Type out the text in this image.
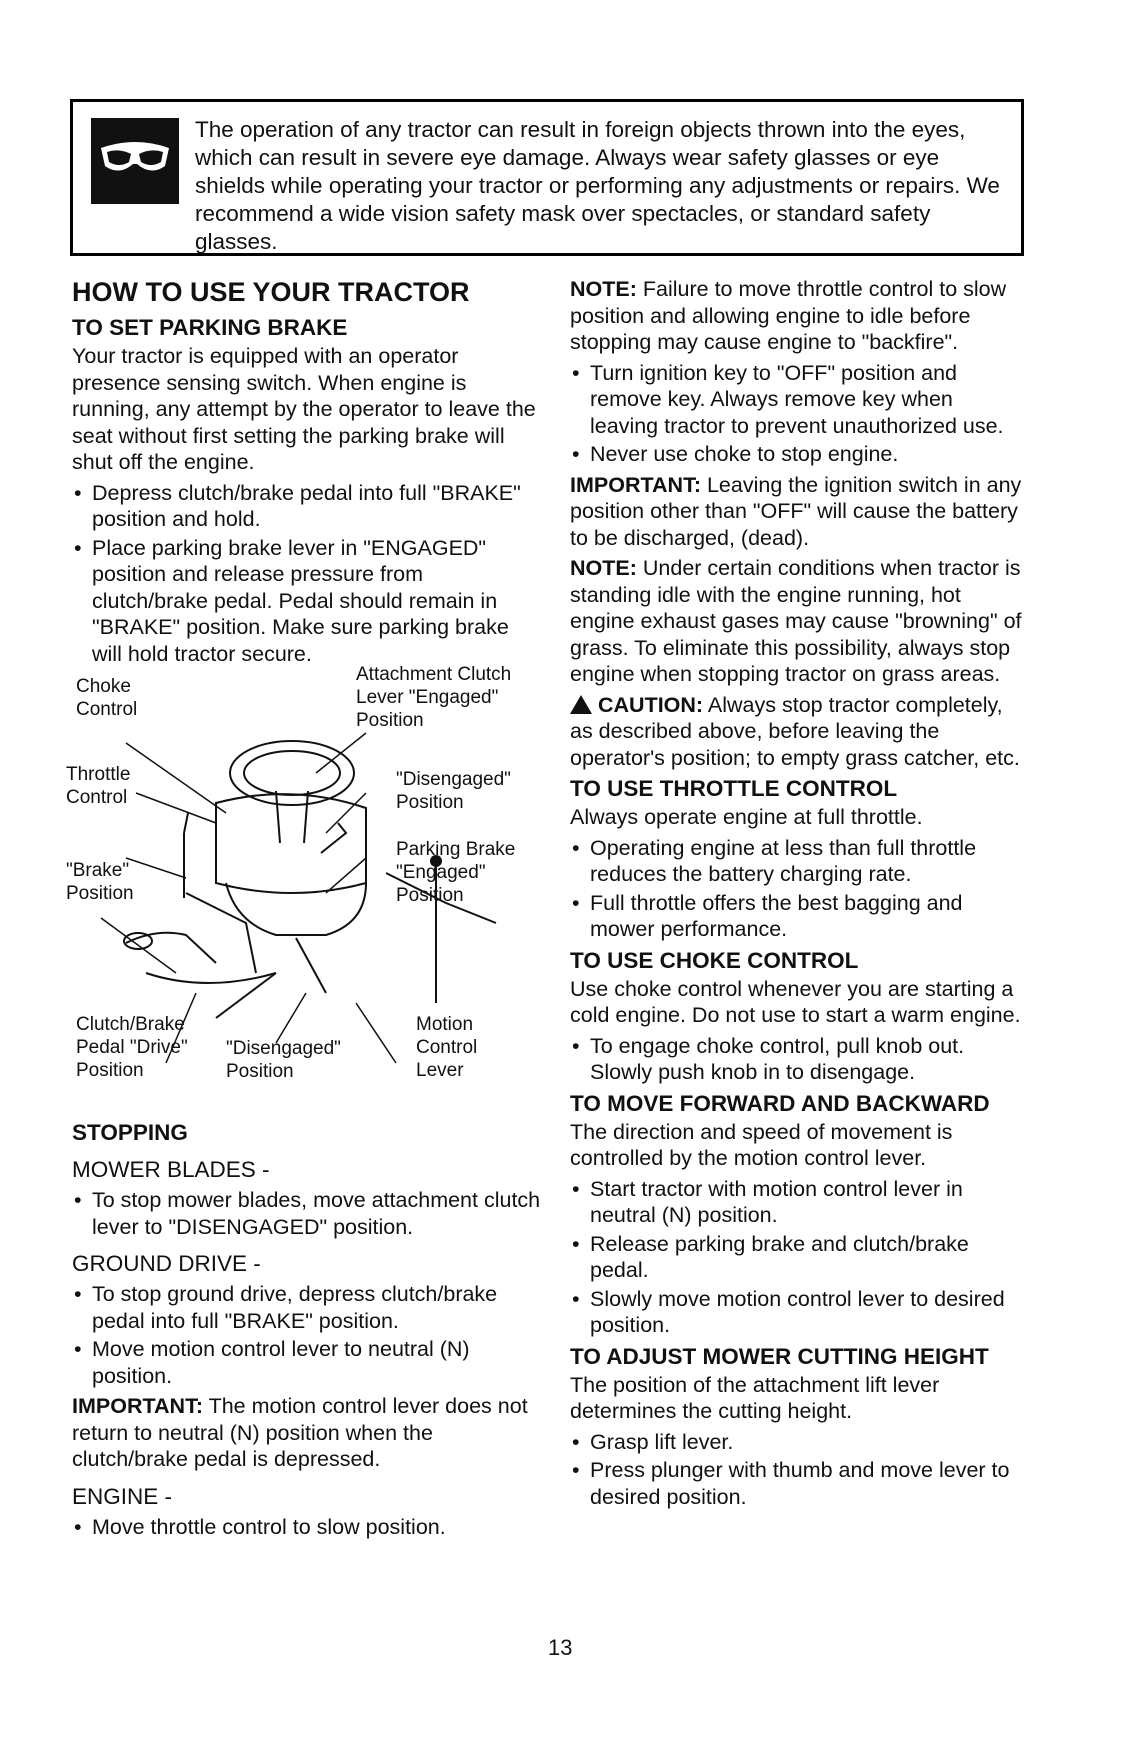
The operation of any tractor can result in foreign objects thrown into the eyes, which can result in severe eye damage. Always wear safety glasses or eye shields while operating your tractor or performing any adjustments or repairs. We recommend a wide vision safety mask over spectacles, or standard safety glasses.
HOW TO USE YOUR TRACTOR
TO SET PARKING BRAKE

Your tractor is equipped with an operator presence sensing switch. When engine is running, any attempt by the operator to leave the seat without first setting the parking brake will shut off the engine.

• Depress clutch/brake pedal into full "BRAKE" position and hold.
• Place parking brake lever in "ENGAGED" position and release pressure from clutch/brake pedal. Pedal should remain in "BRAKE" position. Make sure parking brake will hold tractor secure.
Choke Control
Attachment Clutch Lever "Engaged" Position
Throttle Control
"Disengaged" Position
"Brake" Position
Parking Brake "Engaged" Position
Clutch/Brake Pedal "Drive" Position
"Disengaged" Position
Motion Control Lever
STOPPING
MOWER BLADES -
• To stop mower blades, move attachment clutch lever to "DISENGAGED" position.
GROUND DRIVE -
• To stop ground drive, depress clutch/brake pedal into full "BRAKE" position.
• Move motion control lever to neutral (N) position.

IMPORTANT: The motion control lever does not return to neutral (N) position when the clutch/brake pedal is depressed.

ENGINE -
• Move throttle control to slow position.

NOTE: Failure to move throttle control to slow position and allowing engine to idle before stopping may cause engine to "backfire".

• Turn ignition key to "OFF" position and remove key. Always remove key when leaving tractor to prevent unauthorized use.
• Never use choke to stop engine.

IMPORTANT: Leaving the ignition switch in any position other than "OFF" will cause the battery to be discharged, (dead).

NOTE: Under certain conditions when tractor is standing idle with the engine running, hot engine exhaust gases may cause "browning" of grass. To eliminate this possibility, always stop engine when stopping tractor on grass areas.

CAUTION: Always stop tractor completely, as described above, before leaving the operator's position; to empty grass catcher, etc.

TO USE THROTTLE CONTROL

Always operate engine at full throttle.

• Operating engine at less than full throttle reduces the battery charging rate.
• Full throttle offers the best bagging and mower performance.
TO USE CHOKE CONTROL

Use choke control whenever you are starting a cold engine. Do not use to start a warm engine.

• To engage choke control, pull knob out. Slowly push knob in to disengage.
TO MOVE FORWARD AND BACKWARD

The direction and speed of movement is controlled by the motion control lever.

• Start tractor with motion control lever in neutral (N) position.
• Release parking brake and clutch/brake pedal.
• Slowly move motion control lever to desired position.
TO ADJUST MOWER CUTTING HEIGHT

The position of the attachment lift lever determines the cutting height.

• Grasp lift lever.
• Press plunger with thumb and move lever to desired position.
13
